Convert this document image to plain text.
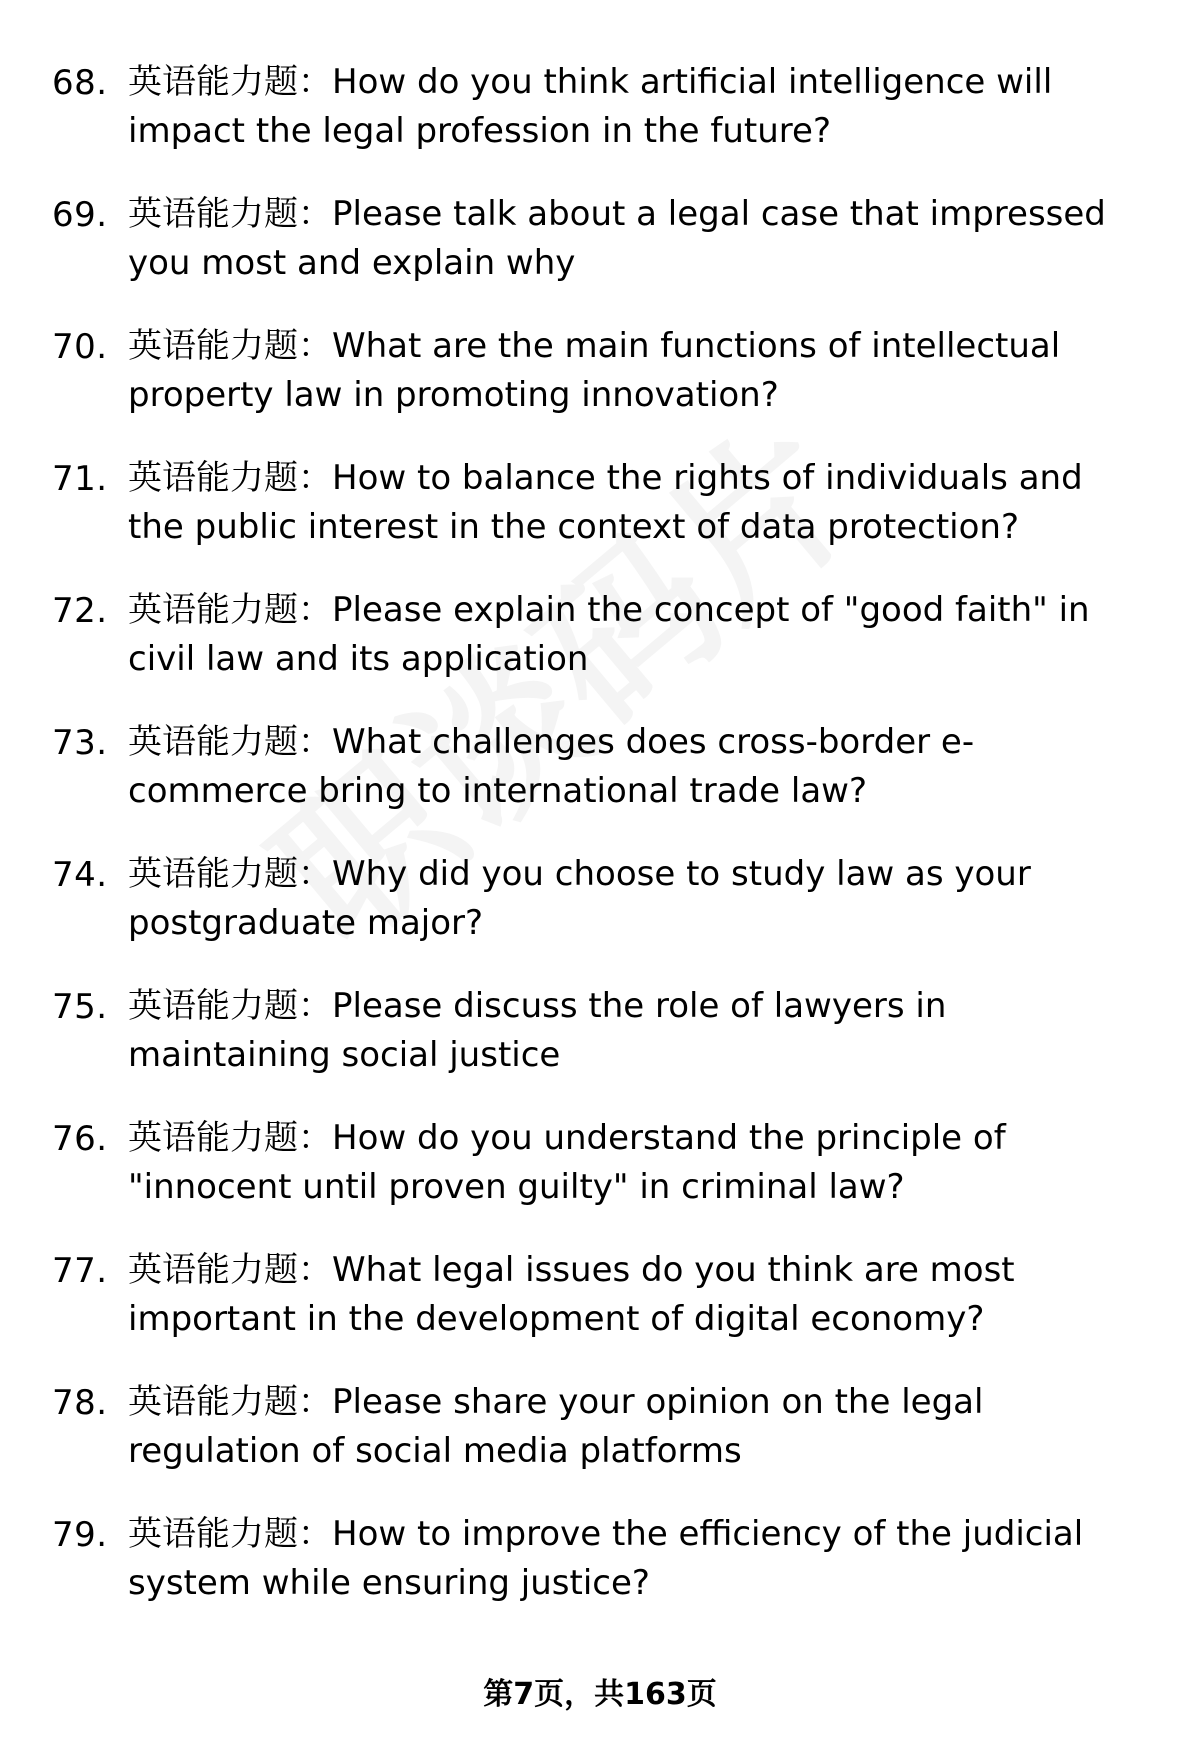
68. 英语能力题：How do you think artificial intelligence will impact the legal profession in the future?
69. 英语能力题：Please talk about a legal case that impressed you most and explain why
70. 英语能力题：What are the main functions of intellectual property law in promoting innovation?
71. 英语能力题：How to balance the rights of individuals and the public interest in the context of data protection?
72. 英语能力题：Please explain the concept of "good faith" in civil law and its application
73. 英语能力题：What challenges does cross-border e-commerce bring to international trade law?
74. 英语能力题：Why did you choose to study law as your postgraduate major?
75. 英语能力题：Please discuss the role of lawyers in maintaining social justice
76. 英语能力题：How do you understand the principle of "innocent until proven guilty" in criminal law?
77. 英语能力题：What legal issues do you think are most important in the development of digital economy?
78. 英语能力题：Please share your opinion on the legal regulation of social media platforms
79. 英语能力题：How to improve the efficiency of the judicial system while ensuring justice?
第7页，共163页
